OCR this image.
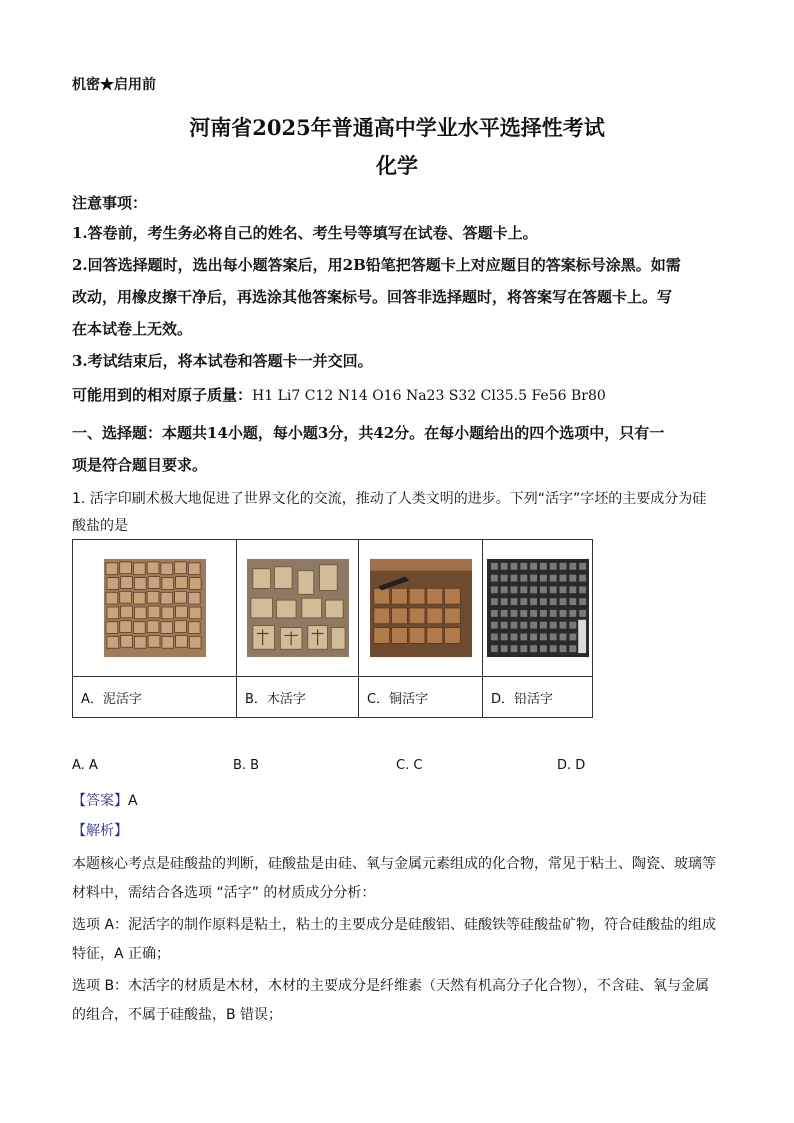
机密★启用前
河南省2025年普通高中学业水平选择性考试
化学
注意事项：
1.答卷前，考生务必将自己的姓名、考生号等填写在试卷、答题卡上。
2.回答选择题时，选出每小题答案后，用2B铅笔把答题卡上对应题目的答案标号涂黑。如需
改动，用橡皮擦干净后，再选涂其他答案标号。回答非选择题时，将答案写在答题卡上。写
在本试卷上无效。
3.考试结束后，将本试卷和答题卡一并交回。
可能用到的相对原子质量：H1 Li7 C12 N14 O16 Na23 S32 Cl35.5 Fe56 Br80
一、选择题：本题共14小题，每小题3分，共42分。在每小题给出的四个选项中，只有一
项是符合题目要求。
1. 活字印刷术极大地促进了世界文化的交流，推动了人类文明的进步。下列“活字”字坯的主要成分为硅
酸盐的是

A．泥活字	B．木活字	C．铜活字	D．铅活字
A. A	B. B	C. C	D. D
【答案】A
【解析】
本题核心考点是硅酸盐的判断，硅酸盐是由硅、氧与金属元素组成的化合物，常见于粘土、陶瓷、玻璃等
材料中，需结合各选项 “活字” 的材质成分分析：
选项 A：泥活字的制作原料是粘土，粘土的主要成分是硅酸铝、硅酸铁等硅酸盐矿物，符合硅酸盐的组成
特征，A 正确；
选项 B：木活字的材质是木材，木材的主要成分是纤维素（天然有机高分子化合物），不含硅、氧与金属
的组合，不属于硅酸盐，B 错误；
